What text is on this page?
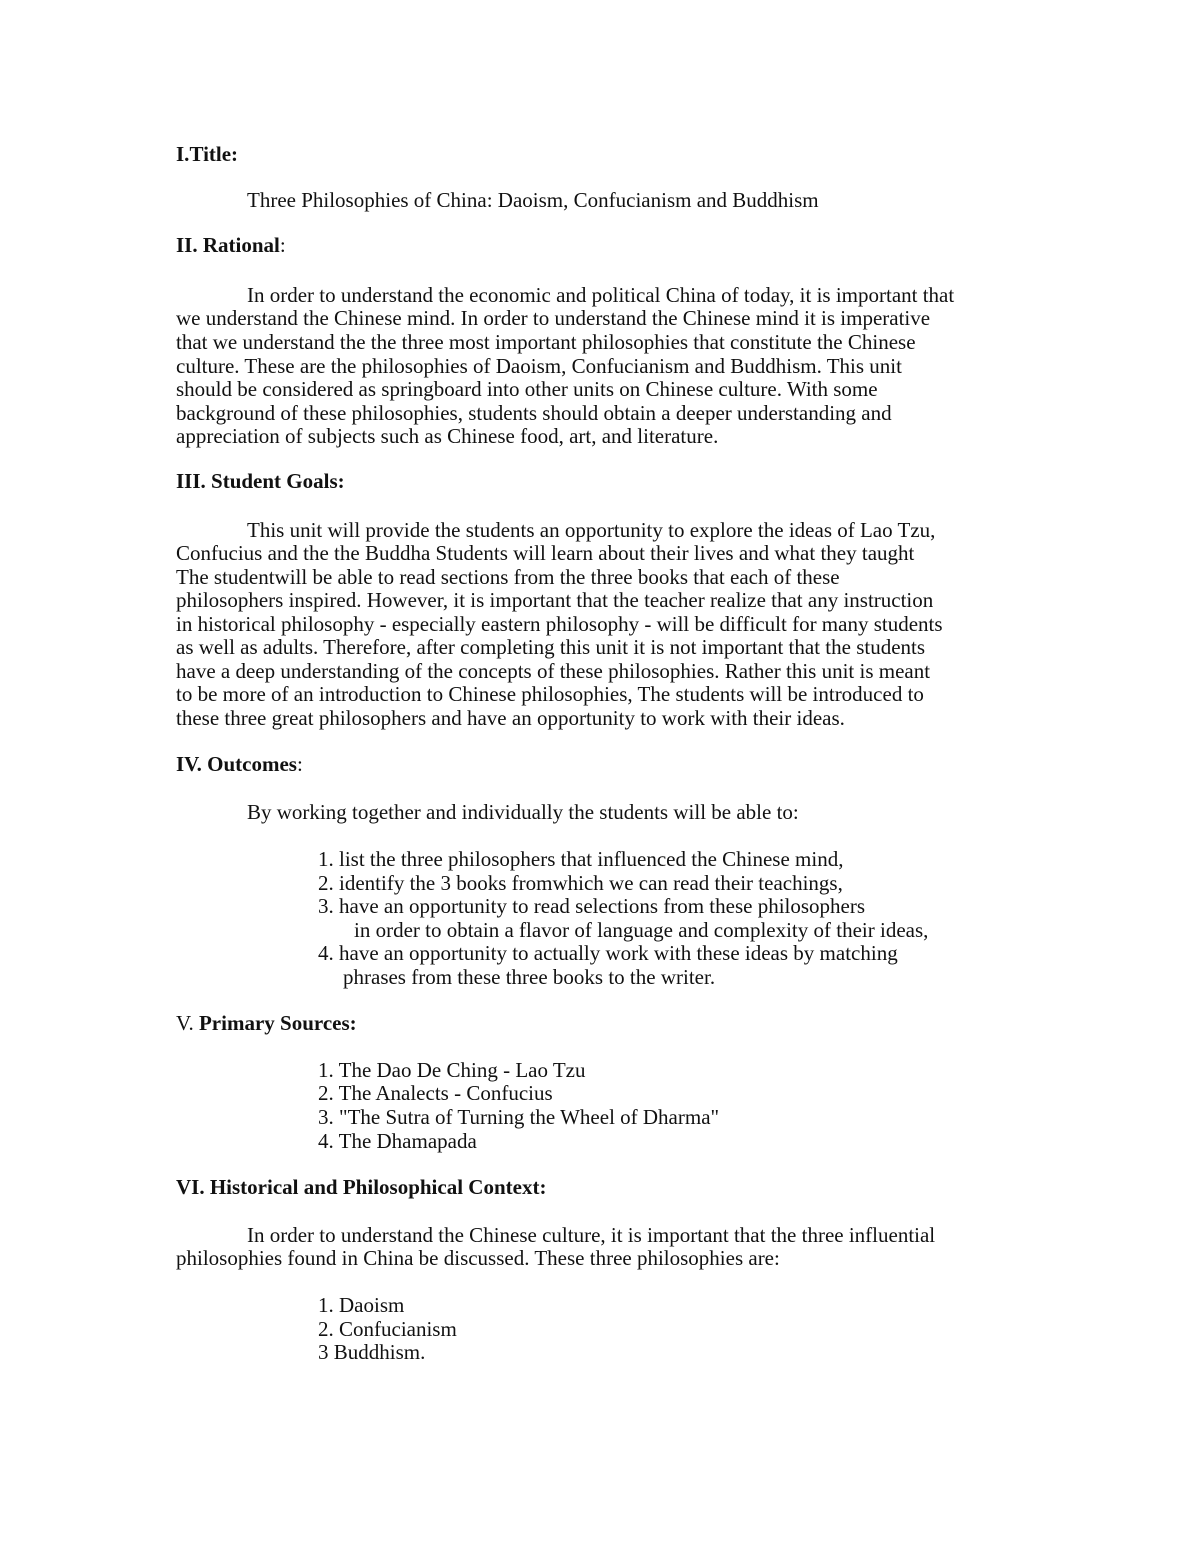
I.Title:
Three Philosophies of China: Daoism, Confucianism and Buddhism
II. Rational:
In order to understand the economic and political China of today, it is important that
we understand the Chinese mind. In order to understand the Chinese mind it is imperative
that we understand the the three most important philosophies that constitute the Chinese
culture. These are the philosophies of Daoism, Confucianism and Buddhism. This unit
should be considered as springboard into other units on Chinese culture. With some
background of these philosophies, students should obtain a deeper understanding and
appreciation of subjects such as Chinese food, art, and literature.
III. Student Goals:
This unit will provide the students an opportunity to explore the ideas of Lao Tzu,
Confucius and the the Buddha Students will learn about their lives and what they taught
The studentwill be able to read sections from the three books that each of these
philosophers inspired. However, it is important that the teacher realize that any instruction
in historical philosophy - especially eastern philosophy - will be difficult for many students
as well as adults. Therefore, after completing this unit it is not important that the students
have a deep understanding of the concepts of these philosophies. Rather this unit is meant
to be more of an introduction to Chinese philosophies, The students will be introduced to
these three great philosophers and have an opportunity to work with their ideas.
IV. Outcomes:
By working together and individually the students will be able to:
1. list the three philosophers that influenced the Chinese mind,
2. identify the 3 books fromwhich we can read their teachings,
3. have an opportunity to read selections from these philosophers
in order to obtain a flavor of language and complexity of their ideas,
4. have an opportunity to actually work with these ideas by matching
phrases from these three books to the writer.
V. Primary Sources:
1. The Dao De Ching - Lao Tzu
2. The Analects - Confucius
3. "The Sutra of Turning the Wheel of Dharma"
4. The Dhamapada
VI. Historical and Philosophical Context:
In order to understand the Chinese culture, it is important that the three influential
philosophies found in China be discussed. These three philosophies are:
1. Daoism
2. Confucianism
3 Buddhism.
